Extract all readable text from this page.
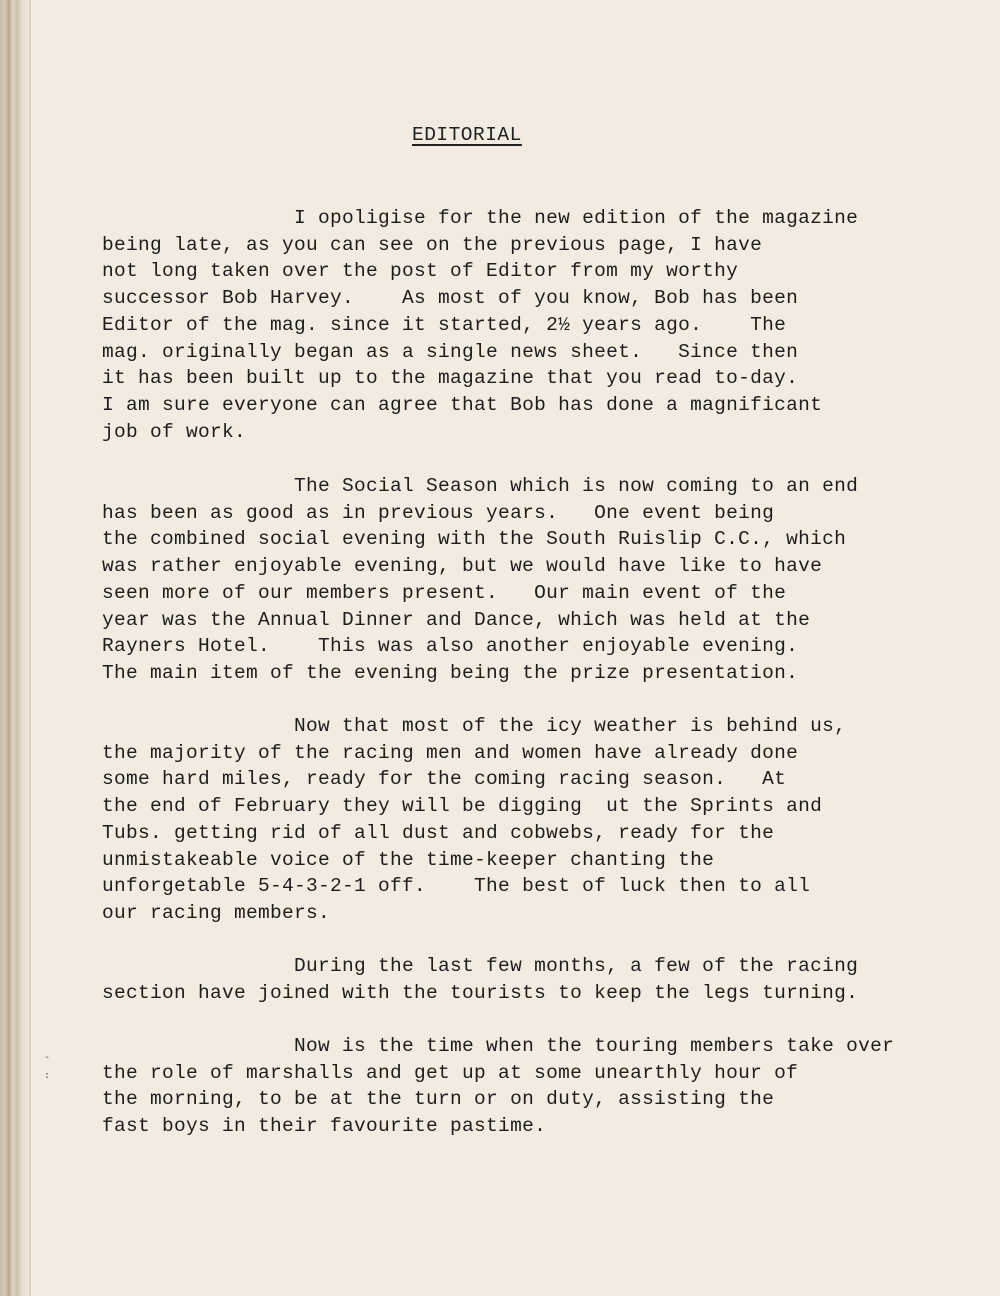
‐
:
EDITORIAL

I opoligise for the new edition of the magazine
being late, as you can see on the previous page, I have
not long taken over the post of Editor from my worthy
successor Bob Harvey.    As most of you know, Bob has been
Editor of the mag. since it started, 2½ years ago.    The
mag. originally began as a single news sheet.   Since then
it has been built up to the magazine that you read to-day.
I am sure everyone can agree that Bob has done a magnificant
job of work.

The Social Season which is now coming to an end
has been as good as in previous years.   One event being
the combined social evening with the South Ruislip C.C., which
was rather enjoyable evening, but we would have like to have
seen more of our members present.   Our main event of the
year was the Annual Dinner and Dance, which was held at the
Rayners Hotel.    This was also another enjoyable evening.
The main item of the evening being the prize presentation.

Now that most of the icy weather is behind us,
the majority of the racing men and women have already done
some hard miles, ready for the coming racing season.   At
the end of February they will be digging  ut the Sprints and
Tubs. getting rid of all dust and cobwebs, ready for the
unmistakeable voice of the time-keeper chanting the
unforgetable 5-4-3-2-1 off.    The best of luck then to all
our racing members.

During the last few months, a few of the racing
section have joined with the tourists to keep the legs turning.

Now is the time when the touring members take over
the role of marshalls and get up at some unearthly hour of
the morning, to be at the turn or on duty, assisting the
fast boys in their favourite pastime.
